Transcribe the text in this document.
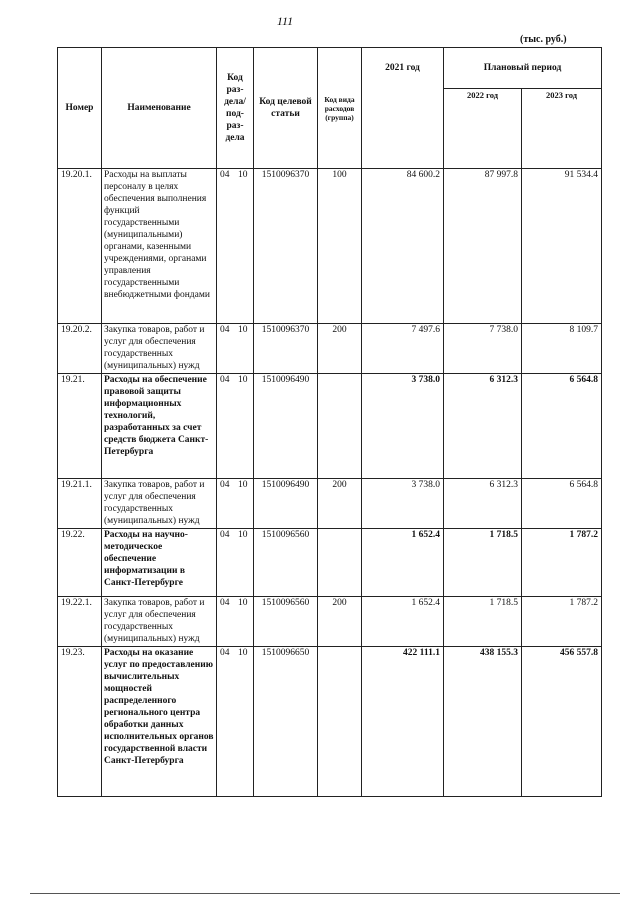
111
(тыс. руб.)
Номер	Наименование	Код раз-дела/ под-раз-дела		Код целевой статьи	Код вида расходов (группа)	2021 год	Плановый период	
							2022 год	2023 год
19.20.1.	Расходы на выплаты персоналу в целях обеспечения выполнения функций государственными (муниципальными) органами, казенными учреждениями, органами управления государственными внебюджетными фондами	04	10	1510096370	100	84 600.2	87 997.8	91 534.4
19.20.2.	Закупка товаров, работ и услуг для обеспечения государственных (муниципальных) нужд	04	10	1510096370	200	7 497.6	7 738.0	8 109.7
19.21.	Расходы на обеспечение правовой защиты информационных технологий, разработанных за счет средств бюджета Санкт-Петербурга	04	10	1510096490		3 738.0	6 312.3	6 564.8
19.21.1.	Закупка товаров, работ и услуг для обеспечения государственных (муниципальных) нужд	04	10	1510096490	200	3 738.0	6 312.3	6 564.8
19.22.	Расходы на научно-методическое обеспечение информатизации в Санкт-Петербурге	04	10	1510096560		1 652.4	1 718.5	1 787.2
19.22.1.	Закупка товаров, работ и услуг для обеспечения государственных (муниципальных) нужд	04	10	1510096560	200	1 652.4	1 718.5	1 787.2
19.23.	Расходы на оказание услуг по предоставлению вычислительных мощностей распределенного регионального центра обработки данных исполнительных органов государственной власти Санкт-Петербурга	04	10	1510096650		422 111.1	438 155.3	456 557.8
